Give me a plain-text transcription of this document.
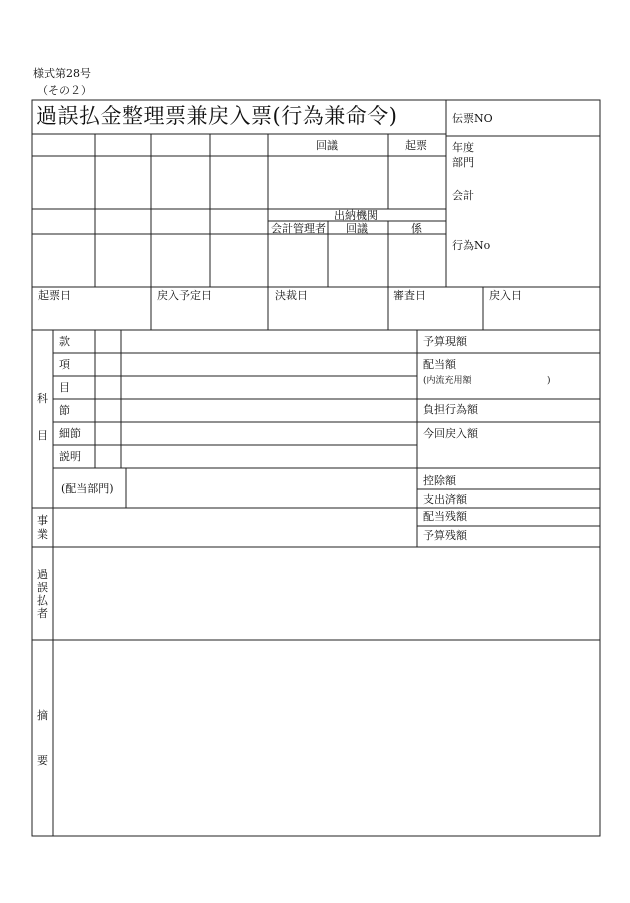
様式第28号
（その２）
過誤払金整理票兼戻入票(行為兼命令)	伝票NO
回議	起票
出納機関
会計管理者 回議	係
年度
部門
会計
行為No
起票日	戻入予定日	決裁日	審査日	戻入日
科
目
款
項
目
節
細節
説明
(配当部門)
予算現額
配当額
(内流充用額	)
負担行為額
今回戻入額
控除額
支出済額
配当残額
予算残額
事
業
過
誤
払
者
摘
要
